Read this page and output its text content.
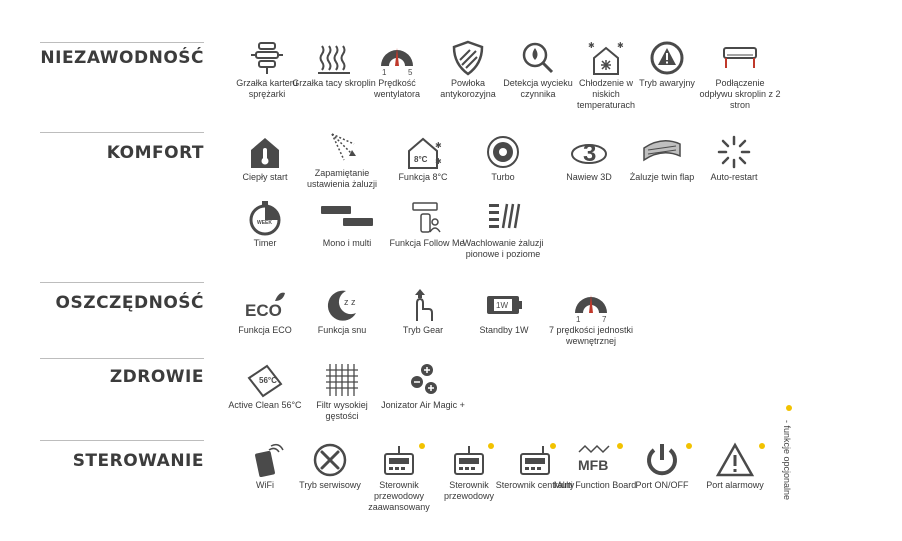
NIEZAWODNOŚĆ
KOMFORT
OSZCZĘDNOŚĆ
ZDROWIE
STEROWANIE
Grzałka karteru sprężarki
Grzałka tacy skroplin
1	5
Prędkość wentylatora
Powłoka antykorozyjna
Detekcja wycieku czynnika
✱	✱
Chłodzenie w niskich temperaturach
Tryb awaryjny	Podłączenie odpływu skroplin z 2 stron
Ciepły start	Zapamiętanie ustawienia żaluzji
8°C
✱
✱
Funkcja 8°C	Turbo
3
Nawiew 3D	Żaluzje twin flap	Auto-restart
WEEK
Timer	Mono i multi	Funkcja Follow Me
Wachlowanie żaluzji pionowe i poziome
ECO
Funkcja ECO
z z
Funkcja snu	Tryb Gear
1W
Standby 1W
1	7
7 prędkości jednostki wewnętrznej
56°C
Active Clean 56°C	Filtr wysokiej gęstości
Jonizator Air Magic +
WiFi	Tryb serwisowy	Sterownik przewodowy zaawansowany
Sterownik przewodowy
Sterownik centralny
MFB
Multi Function Board Port ON/OFF	Port alarmowy	- funkcje opcjonalne
